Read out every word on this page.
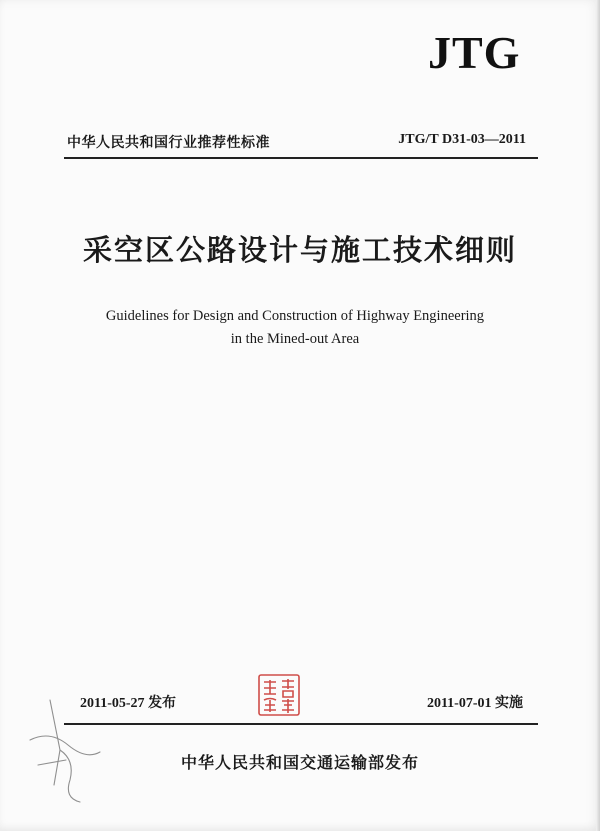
JTG
中华人民共和国行业推荐性标准	JTG/T D31-03—2011
采空区公路设计与施工技术细则
Guidelines for Design and Construction of Highway Engineering
in the Mined-out Area
2011-05-27 发布	2011-07-01 实施
中华人民共和国交通运输部发布
